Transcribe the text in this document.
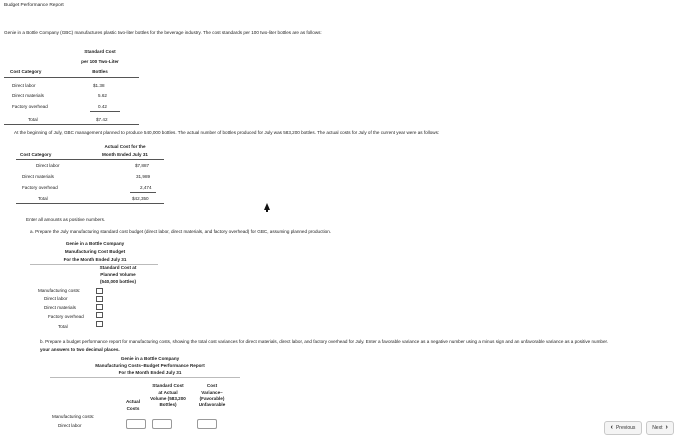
Budget Performance Report
Genie in a Bottle Company (GBC) manufactures plastic two-liter bottles for the beverage industry. The cost standards per 100 two-liter bottles are as follows:
Standard Cost
per 100 Two-Liter
Bottles
Cost Category
Direct labor	$1.38
Direct materials	5.62
Factory overhead	0.42
Total	$7.42
At the beginning of July, GBC management planned to produce 540,000 bottles. The actual number of bottles produced for July was 583,200 bottles. The actual costs for July of the current year were as follows:
Actual Cost for the
Month Ended July 31
Cost Category
Direct labor	$7,887
Direct materials	31,989
Factory overhead	2,474
Total	$42,350
Enter all amounts as positive numbers.
a. Prepare the July manufacturing standard cost budget (direct labor, direct materials, and factory overhead) for GBC, assuming planned production.
Genie in a Bottle Company
Manufacturing Cost Budget
For the Month Ended July 31
Standard Cost at
Planned Volume
(540,000 bottles)
Manufacturing costs:
Direct labor
Direct materials
Factory overhead
Total
b. Prepare a budget performance report for manufacturing costs, showing the total cost variances for direct materials, direct labor, and factory overhead for July. Enter a favorable variance as a negative number using a minus sign and an unfavorable variance as a positive number.
your answers to two decimal places.
Genie in a Bottle Company
Manufacturing Costs–Budget Performance Report
For the Month Ended July 31
Standard Cost
at Actual
Volume (583,200
Bottles)
Actual
Costs
Cost
Variance–
(Favorable)
Unfavorable
Manufacturing costs:
Direct labor	‹ Previous	Next ›
